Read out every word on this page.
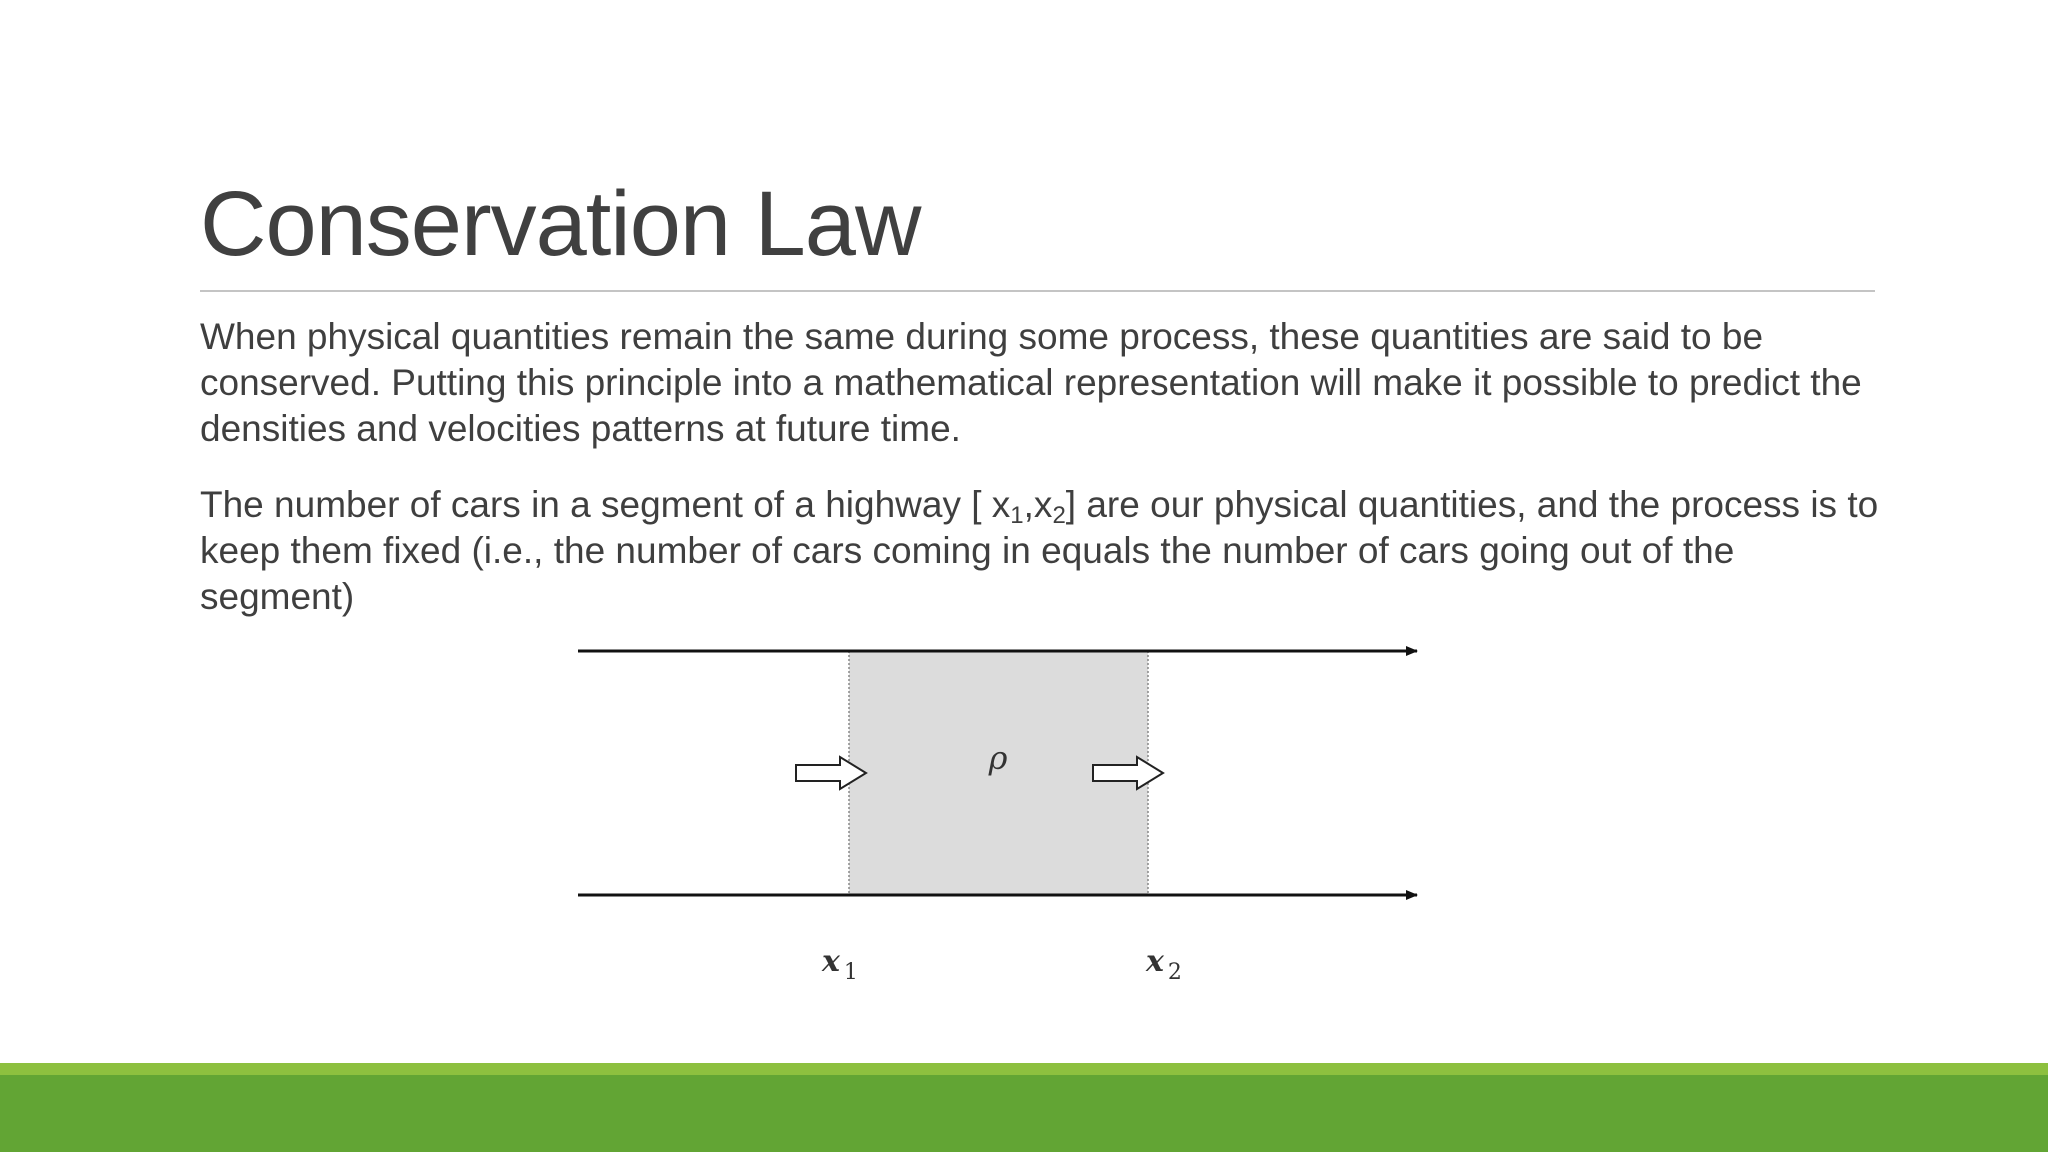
Conservation Law

When physical quantities remain the same during some process, these quantities are said to be conserved. Putting this principle into a mathematical representation will make it possible to predict the densities and velocities patterns at future time.

The number of cars in a segment of a highway [ $x_1,x_2$] are our physical quantities, and the process is to keep them fixed (i.e., the number of cars coming in equals the number of cars going out of the segment)

ρ
x $_1$	x $_2$
